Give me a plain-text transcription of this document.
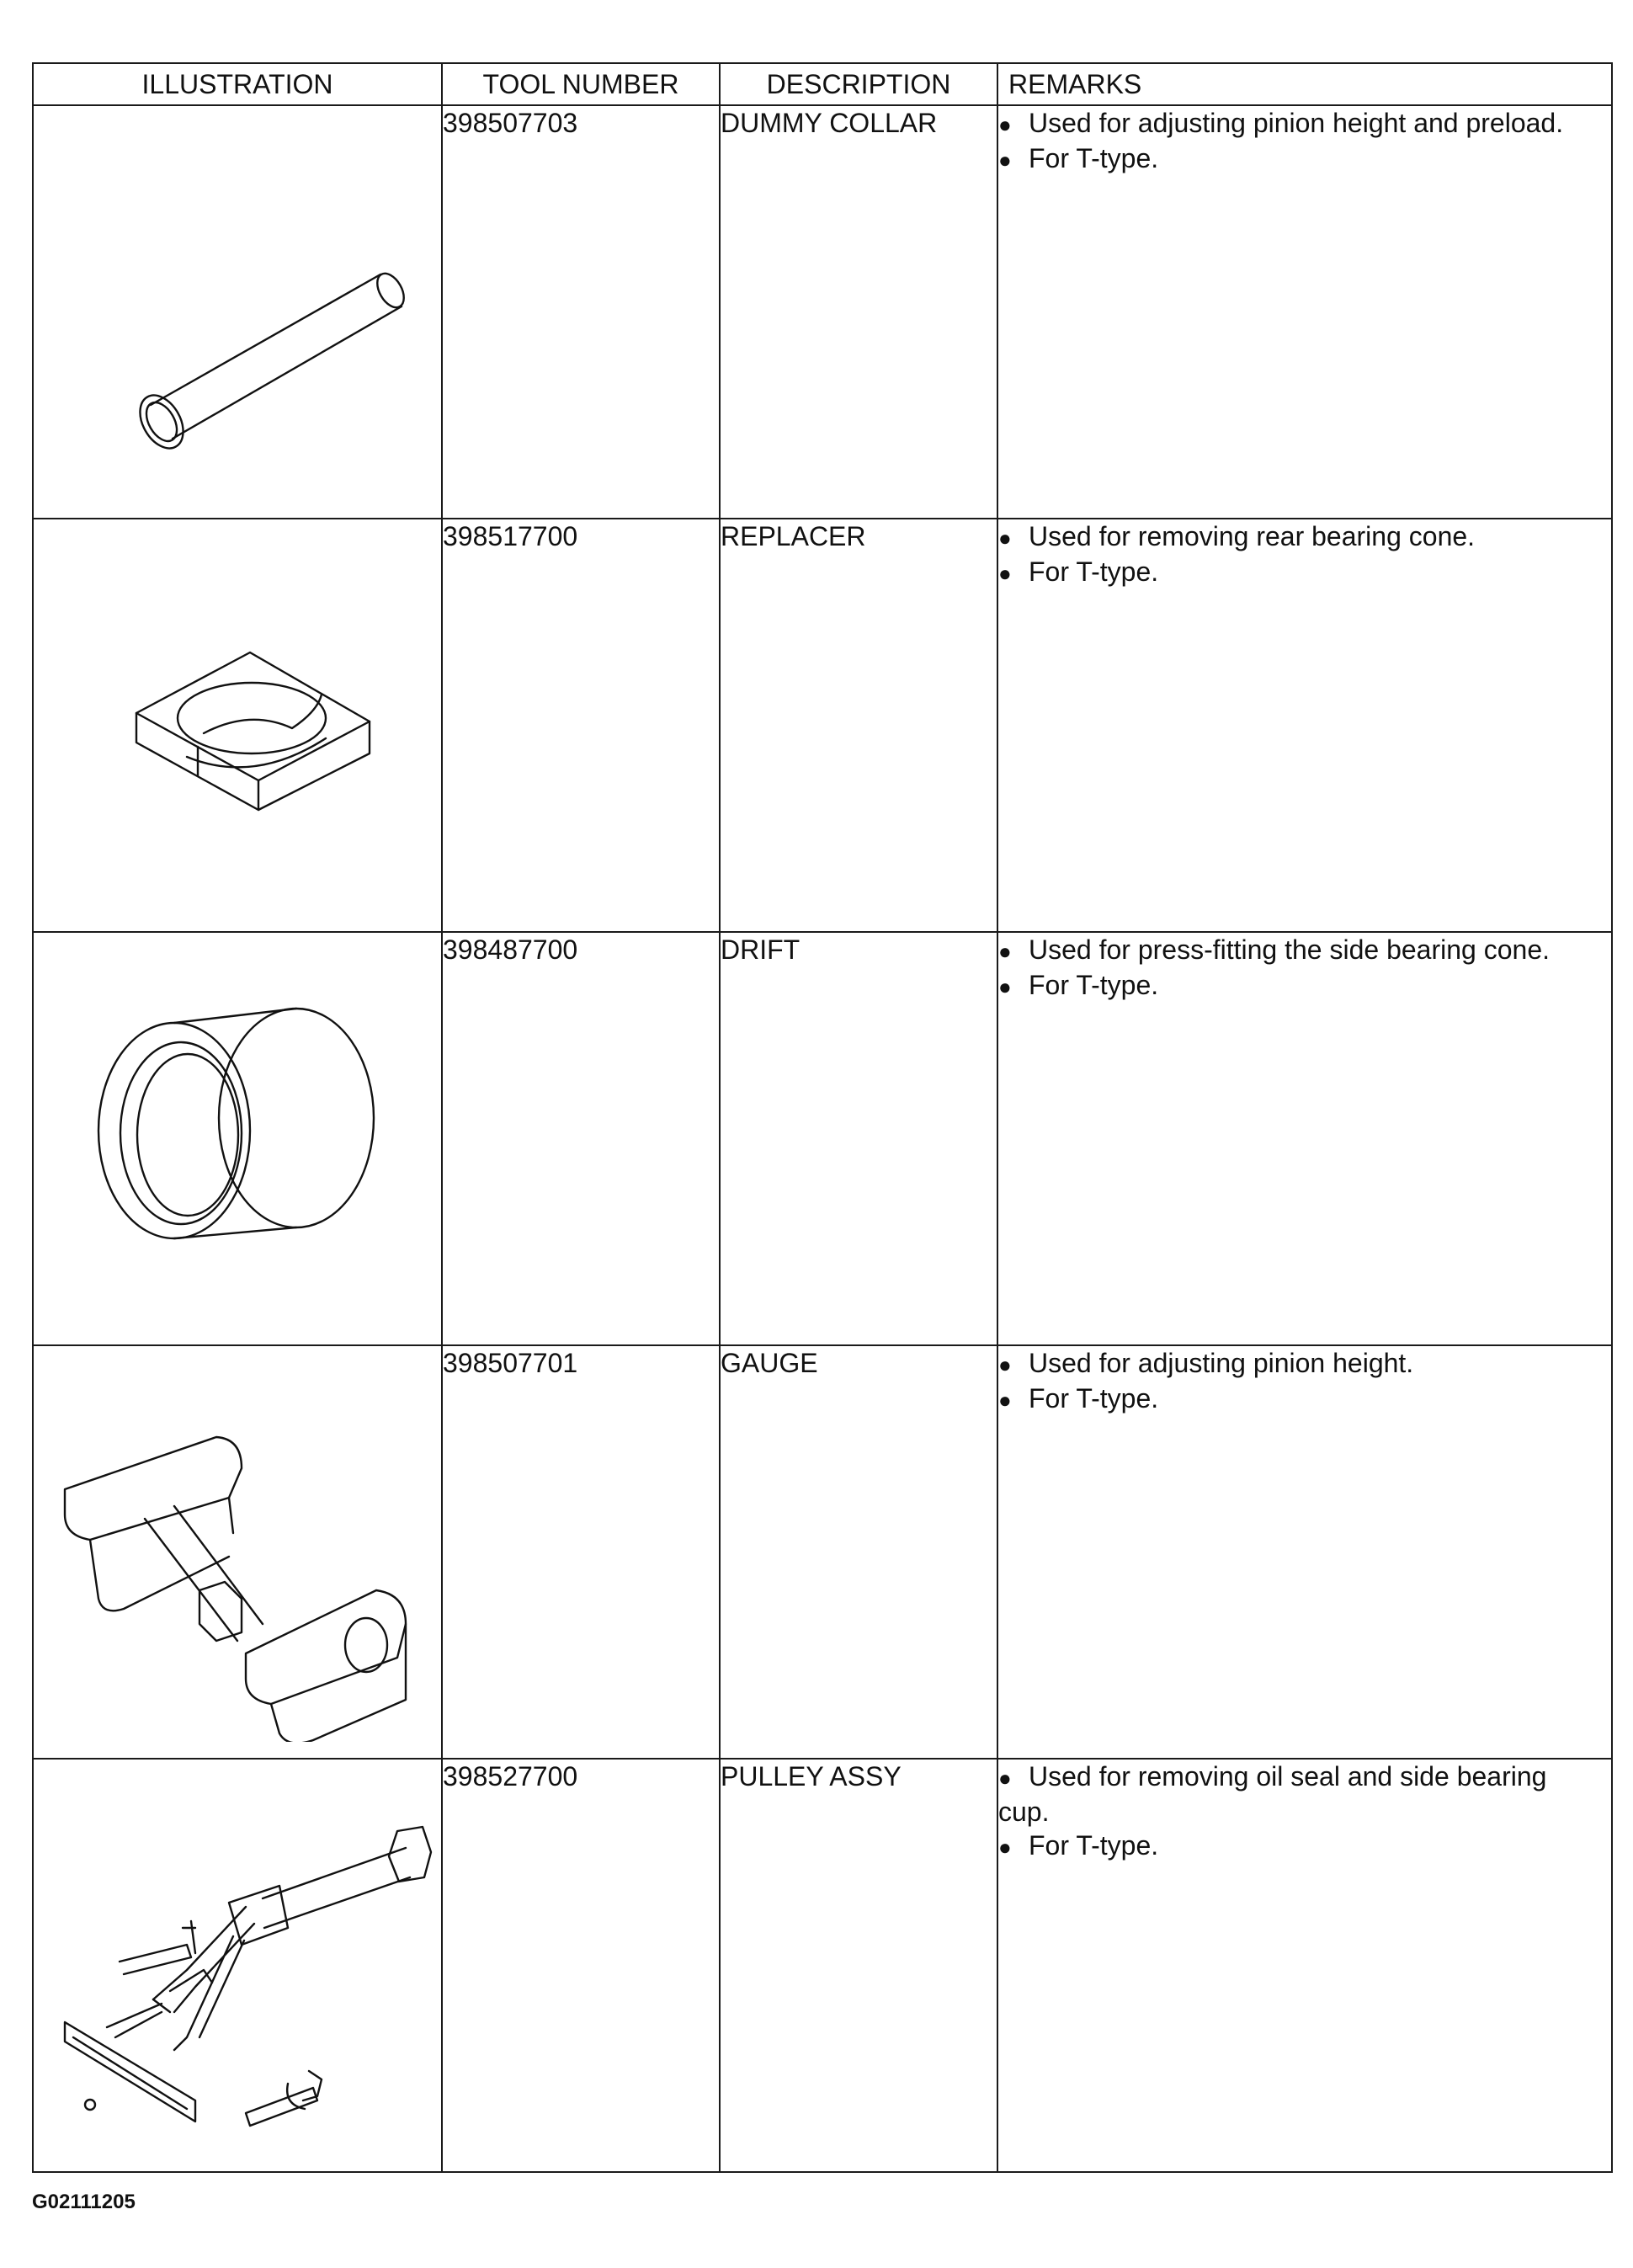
ILLUSTRATION	TOOL NUMBER	DESCRIPTION	REMARKS

	398507703	DUMMY COLLAR	● Used for adjusting pinion height and preload.
● For T-type.

	398517700	REPLACER	● Used for removing rear bearing cone.
● For T-type.

	398487700	DRIFT	● Used for press-fitting the side bearing cone.
● For T-type.

	398507701	GAUGE	● Used for adjusting pinion height.
● For T-type.

	398527700	PULLEY ASSY	● Used for removing oil seal and side bearing
cup.
● For T-type.
G02111205
